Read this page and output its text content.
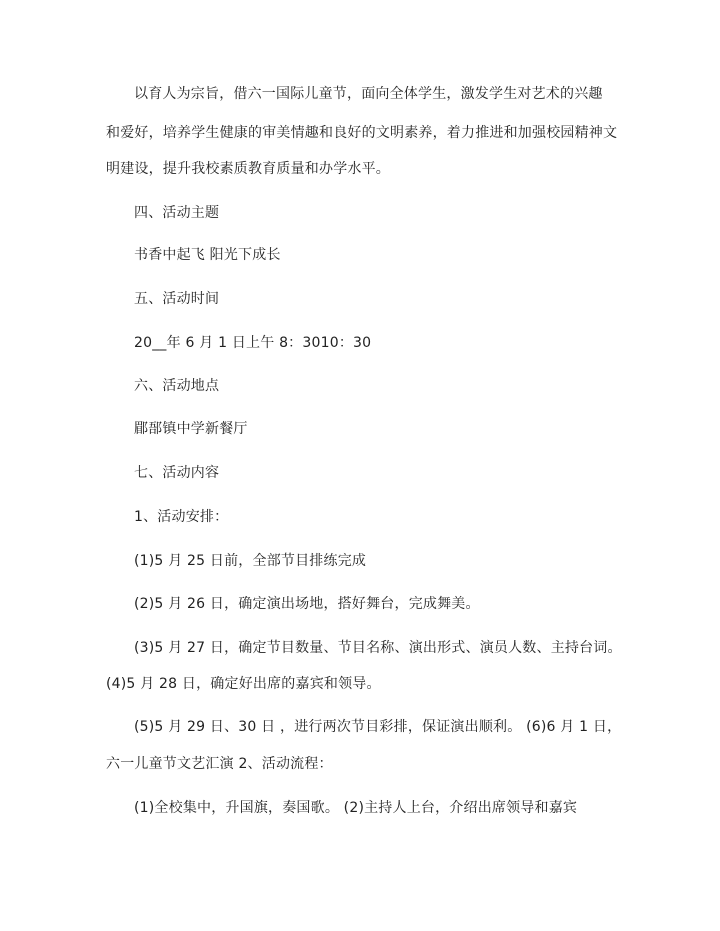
以育人为宗旨，借六一国际儿童节，面向全体学生，激发学生对艺术的兴趣
和爱好，培养学生健康的审美情趣和良好的文明素养，着力推进和加强校园精神文
明建设，提升我校素质教育质量和办学水平。
四、活动主题
书香中起飞 阳光下成长
五、活动时间
20__年 6 月 1 日上午 8：3010：30
六、活动地点
郿郚镇中学新餐厅
七、活动内容
1、活动安排：
(1)5 月 25 日前，全部节目排练完成
(2)5 月 26 日，确定演出场地，搭好舞台，完成舞美。
(3)5 月 27 日，确定节目数量、节目名称、演出形式、演员人数、主持台词。
(4)5 月 28 日，确定好出席的嘉宾和领导。
(5)5 月 29 日、30 日 ，进行两次节目彩排，保证演出顺利。 (6)6 月 1 日，
六一儿童节文艺汇演 2、活动流程：
(1)全校集中，升国旗，奏国歌。 (2)主持人上台，介绍出席领导和嘉宾
